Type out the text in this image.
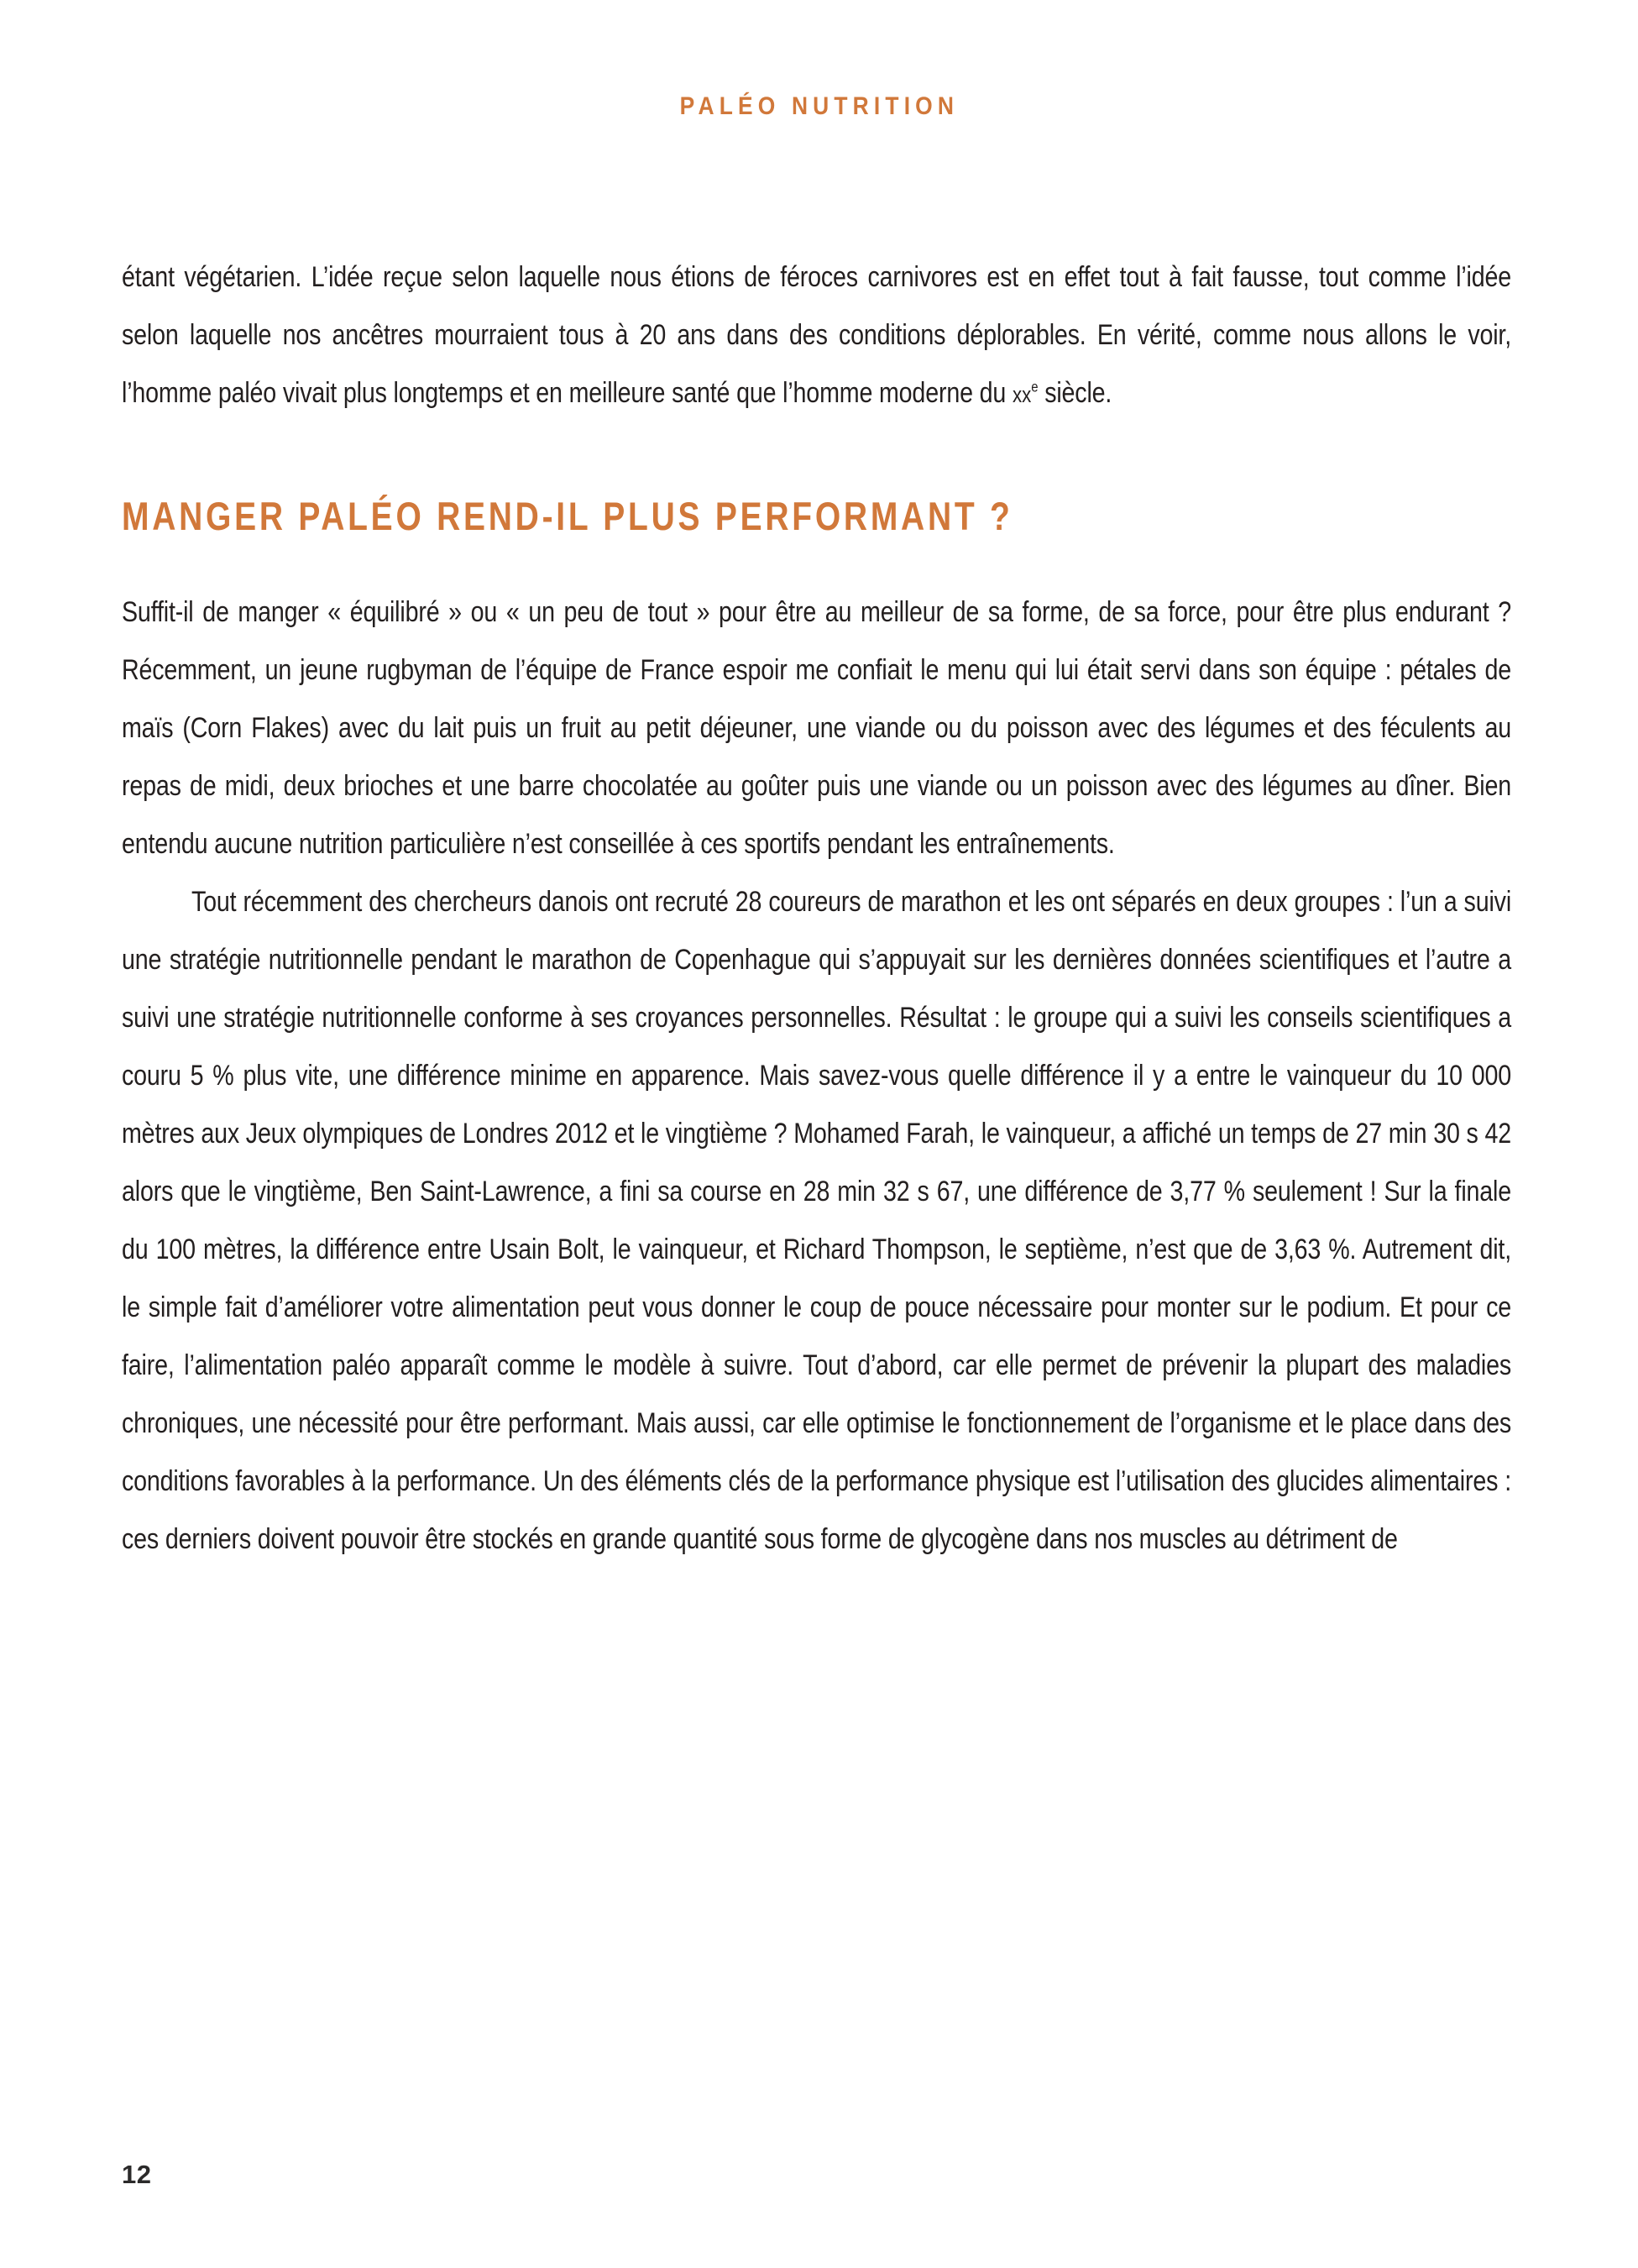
PALÉO NUTRITION

étant végétarien. L’idée reçue selon laquelle nous étions de féroces carnivores est en effet tout à fait fausse, tout comme l’idée selon laquelle nos ancêtres mourraient tous à 20 ans dans des conditions déplorables. En vérité, comme nous allons le voir, l’homme paléo vivait plus longtemps et en meilleure santé que l’homme moderne du $xx^e$ siècle.

MANGER PALÉO REND-IL PLUS PERFORMANT ?

Suffit-il de manger « équilibré » ou « un peu de tout » pour être au meilleur de sa forme, de sa force, pour être plus endurant ? Récemment, un jeune rugbyman de l’équipe de France espoir me confiait le menu qui lui était servi dans son équipe : pétales de maïs (Corn Flakes) avec du lait puis un fruit au petit déjeuner, une viande ou du poisson avec des légumes et des féculents au repas de midi, deux brioches et une barre chocolatée au goûter puis une viande ou un poisson avec des légumes au dîner. Bien entendu aucune nutrition particulière n’est conseillée à ces sportifs pendant les entraînements.

Tout récemment des chercheurs danois ont recruté 28 coureurs de marathon et les ont séparés en deux groupes : l’un a suivi une stratégie nutritionnelle pendant le marathon de Copenhague qui s’appuyait sur les dernières données scientifiques et l’autre a suivi une stratégie nutritionnelle conforme à ses croyances personnelles. Résultat : le groupe qui a suivi les conseils scientifiques a couru 5 % plus vite, une différence minime en apparence. Mais savez-vous quelle différence il y a entre le vainqueur du 10 000 mètres aux Jeux olympiques de Londres 2012 et le vingtième ? Mohamed Farah, le vainqueur, a affiché un temps de 27 min 30 s 42 alors que le vingtième, Ben Saint-Lawrence, a fini sa course en 28 min 32 s 67, une différence de 3,77 % seulement ! Sur la finale du 100 mètres, la différence entre Usain Bolt, le vainqueur, et Richard Thompson, le septième, n’est que de 3,63 %. Autrement dit, le simple fait d’améliorer votre alimentation peut vous donner le coup de pouce nécessaire pour monter sur le podium. Et pour ce faire, l’alimentation paléo apparaît comme le modèle à suivre. Tout d’abord, car elle permet de prévenir la plupart des maladies chroniques, une nécessité pour être performant. Mais aussi, car elle optimise le fonctionnement de l’organisme et le place dans des conditions favorables à la performance. Un des éléments clés de la performance physique est l’utilisation des glucides alimentaires : ces derniers doivent pouvoir être stockés en grande quantité sous forme de glycogène dans nos muscles au détriment de

12
